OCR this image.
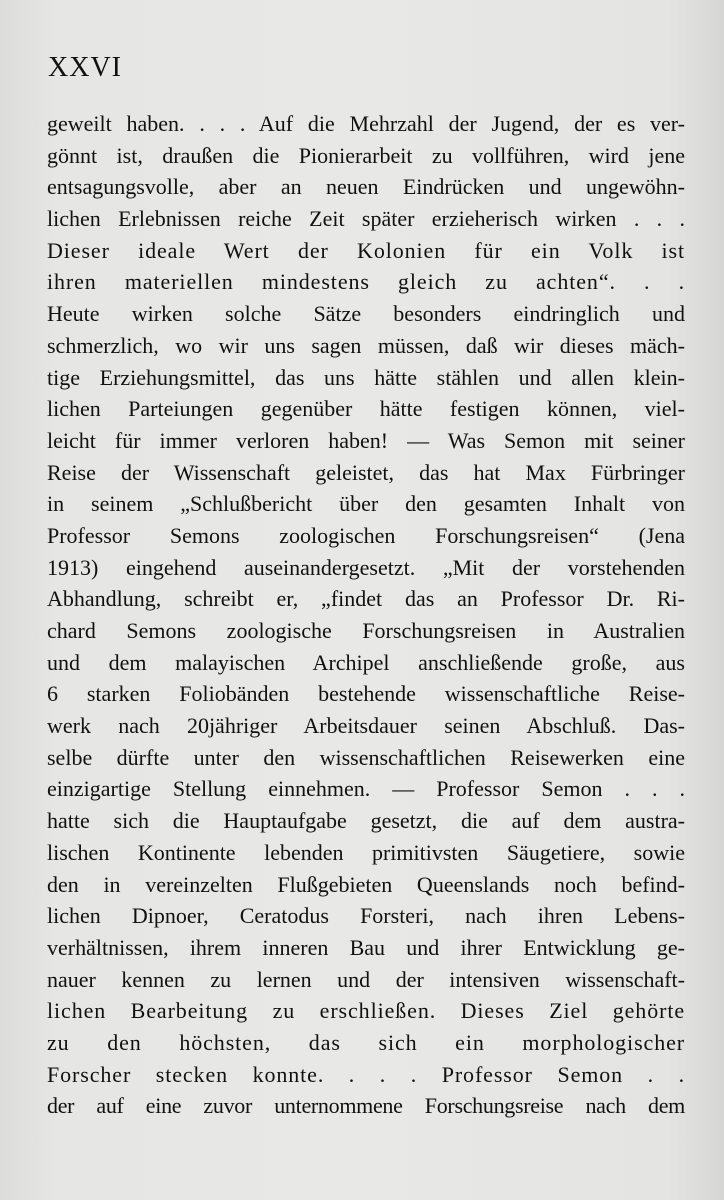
XXVI
geweilt haben. . . . Auf die Mehrzahl der Jugend, der es ver-
gönnt ist, draußen die Pionierarbeit zu vollführen, wird jene
entsagungsvolle, aber an neuen Eindrücken und ungewöhn-
lichen Erlebnissen reiche Zeit später erzieherisch wirken . . .
Dieser ideale Wert der Kolonien für ein Volk ist
ihren materiellen mindestens gleich zu achten“. . .
Heute wirken solche Sätze besonders eindringlich und
schmerzlich, wo wir uns sagen müssen, daß wir dieses mäch-
tige Erziehungsmittel, das uns hätte stählen und allen klein-
lichen Parteiungen gegenüber hätte festigen können, viel-
leicht für immer verloren haben! — Was Semon mit seiner
Reise der Wissenschaft geleistet, das hat Max Fürbringer
in seinem „Schlußbericht über den gesamten Inhalt von
Professor Semons zoologischen Forschungsreisen“ (Jena
1913) eingehend auseinandergesetzt. „Mit der vorstehenden
Abhandlung, schreibt er, „findet das an Professor Dr. Ri-
chard Semons zoologische Forschungsreisen in Australien
und dem malayischen Archipel anschließende große, aus
6 starken Foliobänden bestehende wissenschaftliche Reise-
werk nach 20jähriger Arbeitsdauer seinen Abschluß. Das-
selbe dürfte unter den wissenschaftlichen Reisewerken eine
einzigartige Stellung einnehmen. — Professor Semon . . .
hatte sich die Hauptaufgabe gesetzt, die auf dem austra-
lischen Kontinente lebenden primitivsten Säugetiere, sowie
den in vereinzelten Flußgebieten Queenslands noch befind-
lichen Dipnoer, Ceratodus Forsteri, nach ihren Lebens-
verhältnissen, ihrem inneren Bau und ihrer Entwicklung ge-
nauer kennen zu lernen und der intensiven wissenschaft-
lichen Bearbeitung zu erschließen. Dieses Ziel gehörte
zu den höchsten, das sich ein morphologischer
Forscher stecken konnte. . . . Professor Semon . .
der auf eine zuvor unternommene Forschungsreise nach dem
